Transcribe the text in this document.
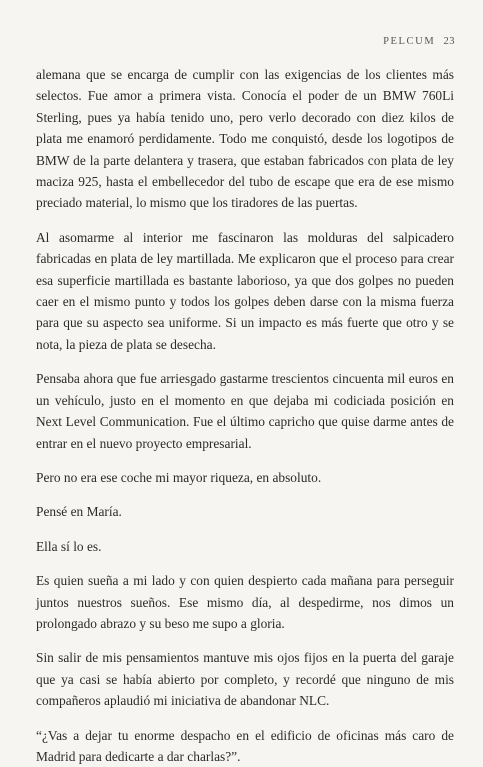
PELCUM 23

alemana que se encarga de cumplir con las exigencias de los clientes más selectos. Fue amor a primera vista. Conocía el poder de un BMW 760Li Sterling, pues ya había tenido uno, pero verlo decorado con diez kilos de plata me enamoró perdidamente. Todo me conquistó, desde los logotipos de BMW de la parte delantera y trasera, que estaban fabricados con plata de ley maciza 925, hasta el embellecedor del tubo de escape que era de ese mismo preciado material, lo mismo que los tiradores de las puertas.

Al asomarme al interior me fascinaron las molduras del salpicadero fabricadas en plata de ley martillada. Me explicaron que el proceso para crear esa superficie martillada es bastante laborioso, ya que dos golpes no pueden caer en el mismo punto y todos los golpes deben darse con la misma fuerza para que su aspecto sea uniforme. Si un impacto es más fuerte que otro y se nota, la pieza de plata se desecha.

Pensaba ahora que fue arriesgado gastarme trescientos cincuenta mil euros en un vehículo, justo en el momento en que dejaba mi codiciada posición en Next Level Communication. Fue el último capricho que quise darme antes de entrar en el nuevo proyecto empresarial.

Pero no era ese coche mi mayor riqueza, en absoluto.

Pensé en María.

Ella sí lo es.

Es quien sueña a mi lado y con quien despierto cada mañana para perseguir juntos nuestros sueños. Ese mismo día, al despedirme, nos dimos un prolongado abrazo y su beso me supo a gloria.

Sin salir de mis pensamientos mantuve mis ojos fijos en la puerta del garaje que ya casi se había abierto por completo, y recordé que ninguno de mis compañeros aplaudió mi iniciativa de abandonar NLC.

“¿Vas a dejar tu enorme despacho en el edificio de oficinas más caro de Madrid para dedicarte a dar charlas?”.
